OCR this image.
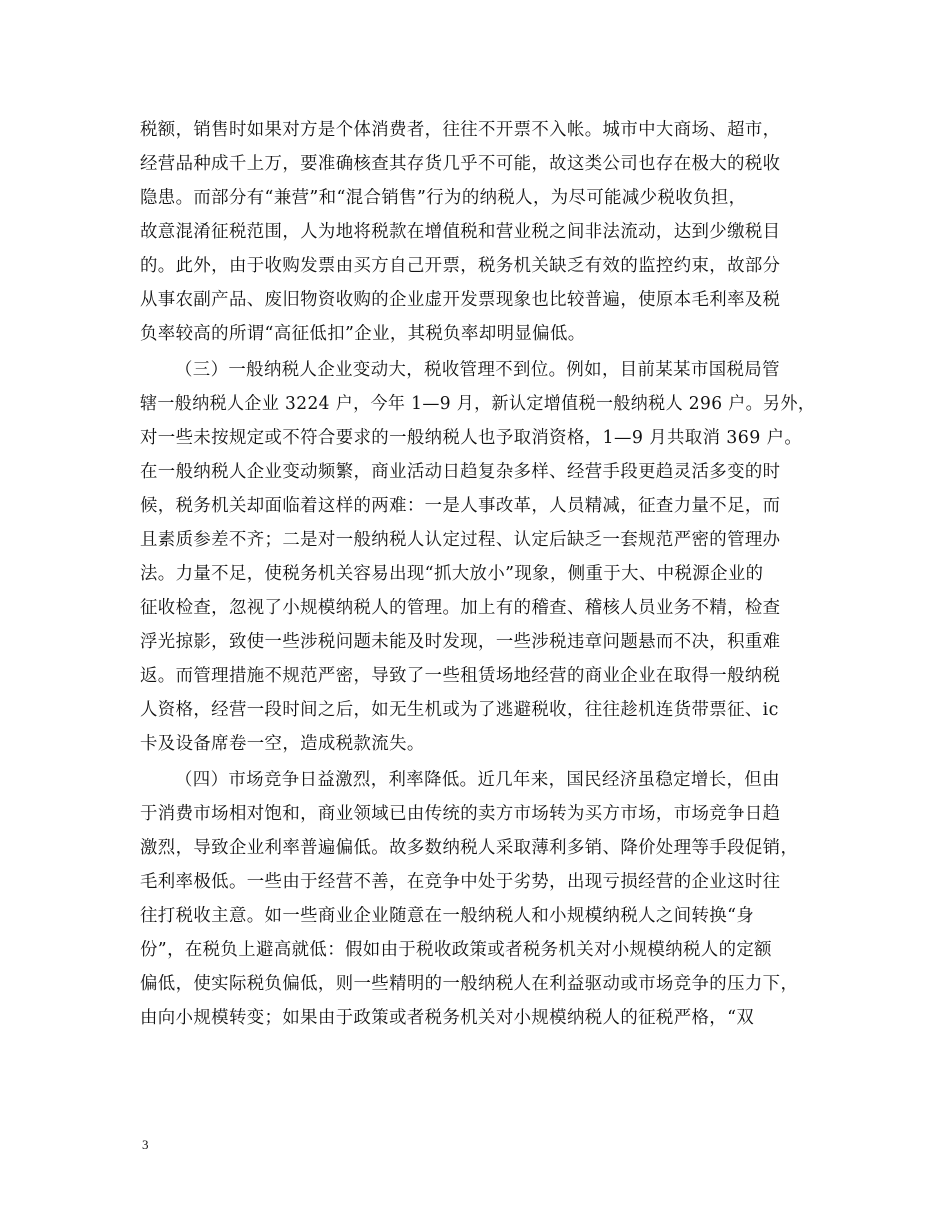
税额，销售时如果对方是个体消费者，往往不开票不入帐。城市中大商场、超市，
经营品种成千上万，要准确核查其存货几乎不可能，故这类公司也存在极大的税收
隐患。而部分有“兼营”和“混合销售”行为的纳税人，为尽可能减少税收负担，
故意混淆征税范围，人为地将税款在增值税和营业税之间非法流动，达到少缴税目
的。此外，由于收购发票由买方自己开票，税务机关缺乏有效的监控约束，故部分
从事农副产品、废旧物资收购的企业虚开发票现象也比较普遍，使原本毛利率及税
负率较高的所谓“高征低扣”企业，其税负率却明显偏低。
（三）一般纳税人企业变动大，税收管理不到位。例如，目前某某市国税局管
辖一般纳税人企业 3224 户，今年 1—9 月，新认定增值税一般纳税人 296 户。另外，
对一些未按规定或不符合要求的一般纳税人也予取消资格，1—9 月共取消 369 户。
在一般纳税人企业变动频繁，商业活动日趋复杂多样、经营手段更趋灵活多变的时
候，税务机关却面临着这样的两难：一是人事改革，人员精减，征查力量不足，而
且素质参差不齐；二是对一般纳税人认定过程、认定后缺乏一套规范严密的管理办
法。力量不足，使税务机关容易出现“抓大放小”现象，侧重于大、中税源企业的
征收检查，忽视了小规模纳税人的管理。加上有的稽查、稽核人员业务不精，检查
浮光掠影，致使一些涉税问题未能及时发现，一些涉税违章问题悬而不决，积重难
返。而管理措施不规范严密，导致了一些租赁场地经营的商业企业在取得一般纳税
人资格，经营一段时间之后，如无生机或为了逃避税收，往往趁机连货带票征、ic
卡及设备席卷一空，造成税款流失。
（四）市场竞争日益激烈，利率降低。近几年来，国民经济虽稳定增长，但由
于消费市场相对饱和，商业领域已由传统的卖方市场转为买方市场，市场竞争日趋
激烈，导致企业利率普遍偏低。故多数纳税人采取薄利多销、降价处理等手段促销，
毛利率极低。一些由于经营不善，在竞争中处于劣势，出现亏损经营的企业这时往
往打税收主意。如一些商业企业随意在一般纳税人和小规模纳税人之间转换“身
份”，在税负上避高就低：假如由于税收政策或者税务机关对小规模纳税人的定额
偏低，使实际税负偏低，则一些精明的一般纳税人在利益驱动或市场竞争的压力下，
由向小规模转变；如果由于政策或者税务机关对小规模纳税人的征税严格，“双
3
